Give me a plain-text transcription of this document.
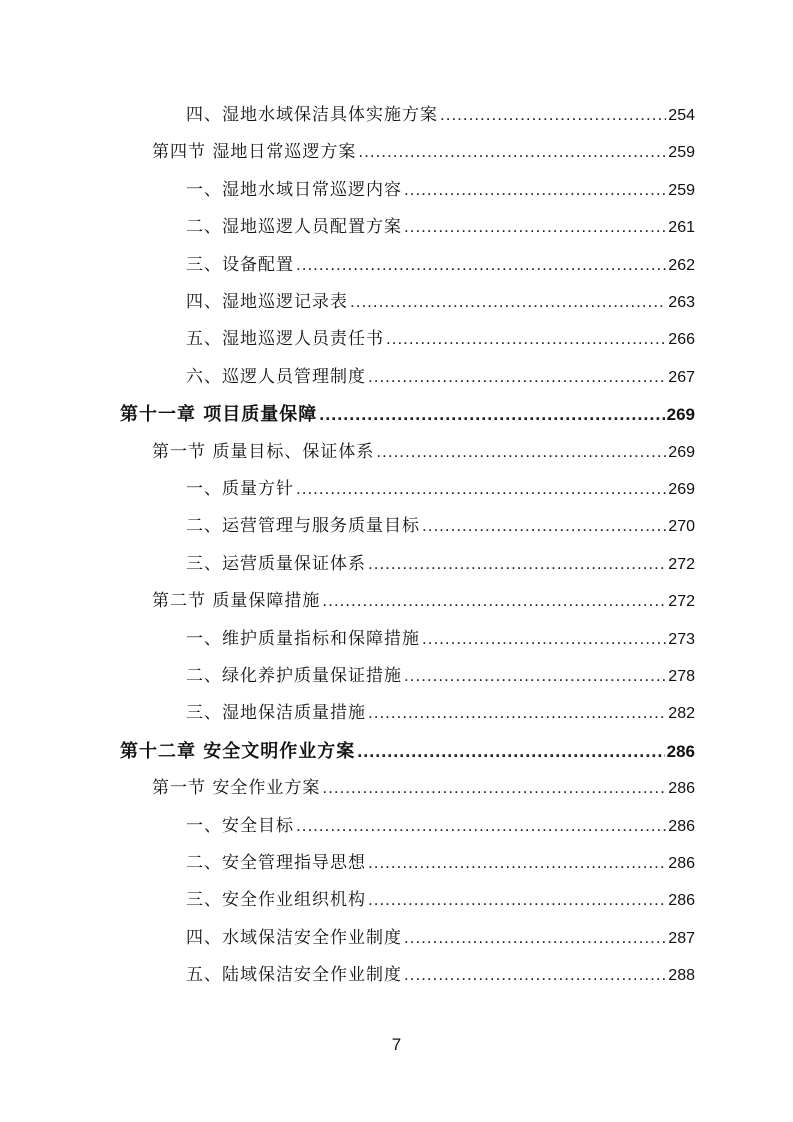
四、湿地水域保洁具体实施方案 .....	254
第四节 湿地日常巡逻方案 .....	259
一、湿地水域日常巡逻内容 .....	259
二、湿地巡逻人员配置方案 .....	261
三、设备配置 .....	262
四、湿地巡逻记录表 .....	263
五、湿地巡逻人员责任书 .....	266
六、巡逻人员管理制度 .....	267
第十一章 项目质量保障 .....	269
第一节 质量目标、保证体系 .....	269
一、质量方针 .....	269
二、运营管理与服务质量目标 .....	270
三、运营质量保证体系 .....	272
第二节 质量保障措施 .....	272
一、维护质量指标和保障措施 .....	273
二、绿化养护质量保证措施 .....	278
三、湿地保洁质量措施 .....	282
第十二章 安全文明作业方案 .....	286
第一节 安全作业方案 .....	286
一、安全目标 .....	286
二、安全管理指导思想 .....	286
三、安全作业组织机构 .....	286
四、水域保洁安全作业制度 .....	287
五、陆域保洁安全作业制度 .....	288
7
